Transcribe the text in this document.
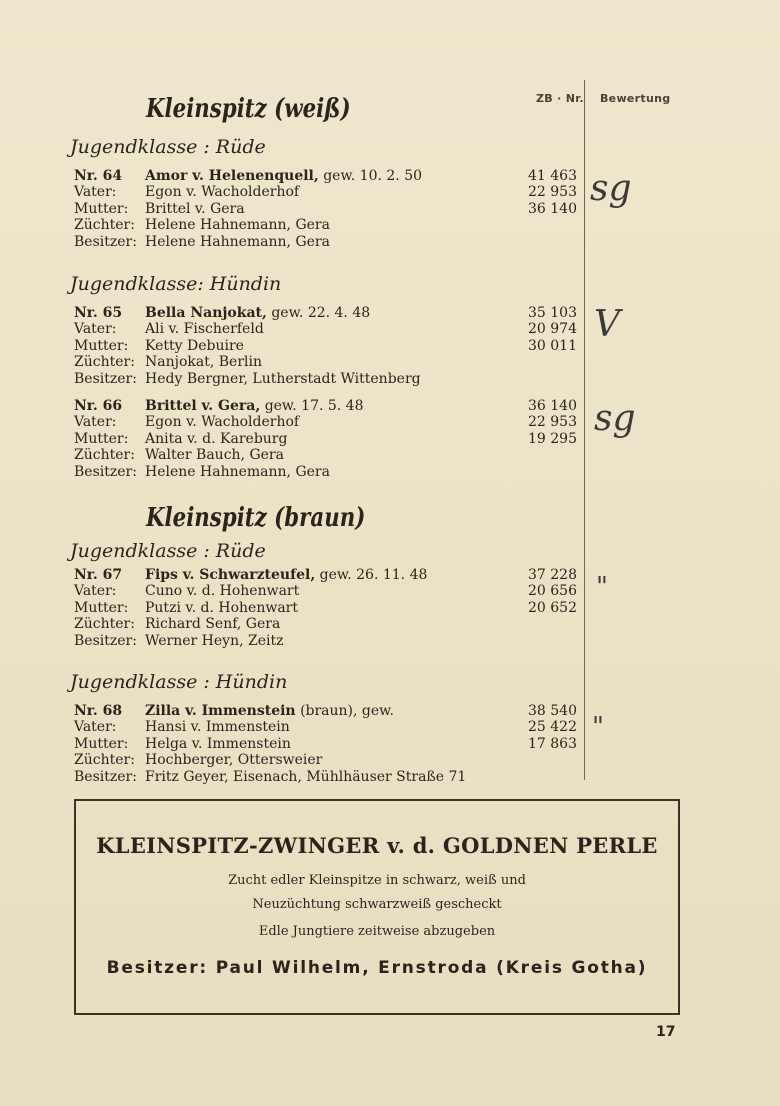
ZB · Nr. Bewertung
Kleinspitz (weiß)
Jugendklasse : Rüde
Nr. 64 Amor v. Helenenquell, gew. 10. 2. 50	41 463
Vater: Egon v. Wacholderhof	22 953
Mutter: Brittel v. Gera	36 140
Züchter: Helene Hahnemann, Gera
Besitzer: Helene Hahnemann, Gera
sg
Jugendklasse: Hündin
Nr. 65 Bella Nanjokat, gew. 22. 4. 48	35 103
Vater: Ali v. Fischerfeld	20 974
Mutter: Ketty Debuire	30 011
Züchter: Nanjokat, Berlin
Besitzer: Hedy Bergner, Lutherstadt Wittenberg
V
Nr. 66 Brittel v. Gera, gew. 17. 5. 48	36 140
Vater: Egon v. Wacholderhof	22 953
Mutter: Anita v. d. Kareburg	19 295
Züchter: Walter Bauch, Gera
Besitzer: Helene Hahnemann, Gera
sg
Kleinspitz (braun)
Jugendklasse : Rüde
Nr. 67 Fips v. Schwarzteufel, gew. 26. 11. 48	37 228
Vater: Cuno v. d. Hohenwart	20 656
Mutter: Putzi v. d. Hohenwart	20 652
Züchter: Richard Senf, Gera
Besitzer: Werner Heyn, Zeitz
"
Jugendklasse : Hündin
Nr. 68 Zilla v. Immenstein (braun), gew.	38 540
Vater: Hansi v. Immenstein	25 422
Mutter: Helga v. Immenstein	17 863
Züchter: Hochberger, Ottersweier
Besitzer: Fritz Geyer, Eisenach, Mühlhäuser Straße 71
"
KLEINSPITZ-ZWINGER v. d. GOLDNEN PERLE
Zucht edler Kleinspitze in schwarz, weiß und
Neuzüchtung schwarzweiß gescheckt
Edle Jungtiere zeitweise abzugeben
Besitzer: Paul Wilhelm, Ernstroda (Kreis Gotha)
17
